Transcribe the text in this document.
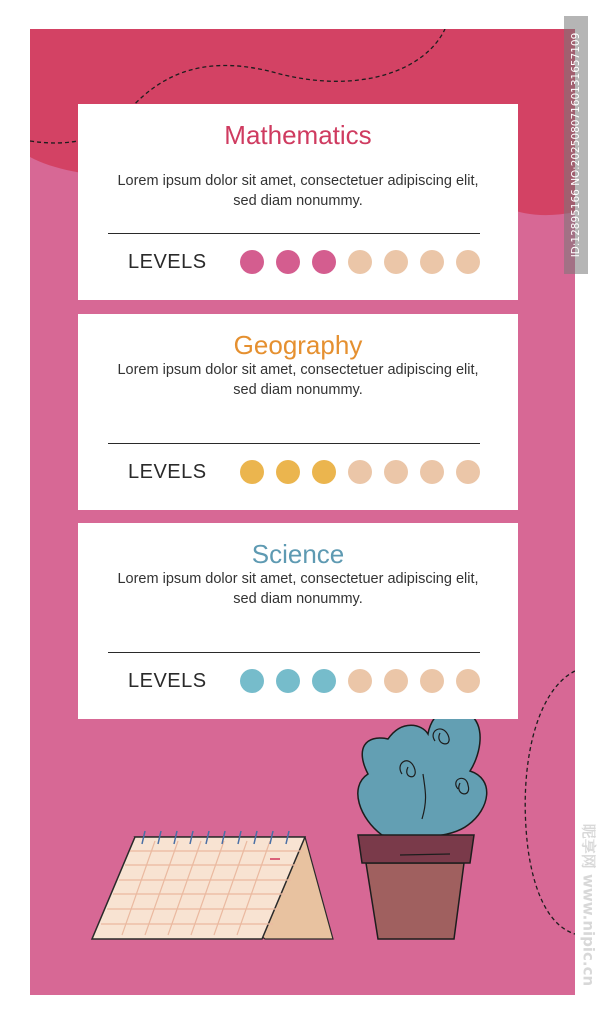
Mathematics
Lorem ipsum dolor sit amet, consectetuer adipiscing elit, sed diam nonummy.
LEVELS
Geography
Lorem ipsum dolor sit amet, consectetuer adipiscing elit, sed diam nonummy.
LEVELS
Science
Lorem ipsum dolor sit amet, consectetuer adipiscing elit, sed diam nonummy.
LEVELS
ID:12895166 NO:20250807160131657109
昵享网 www.nipic.cn
